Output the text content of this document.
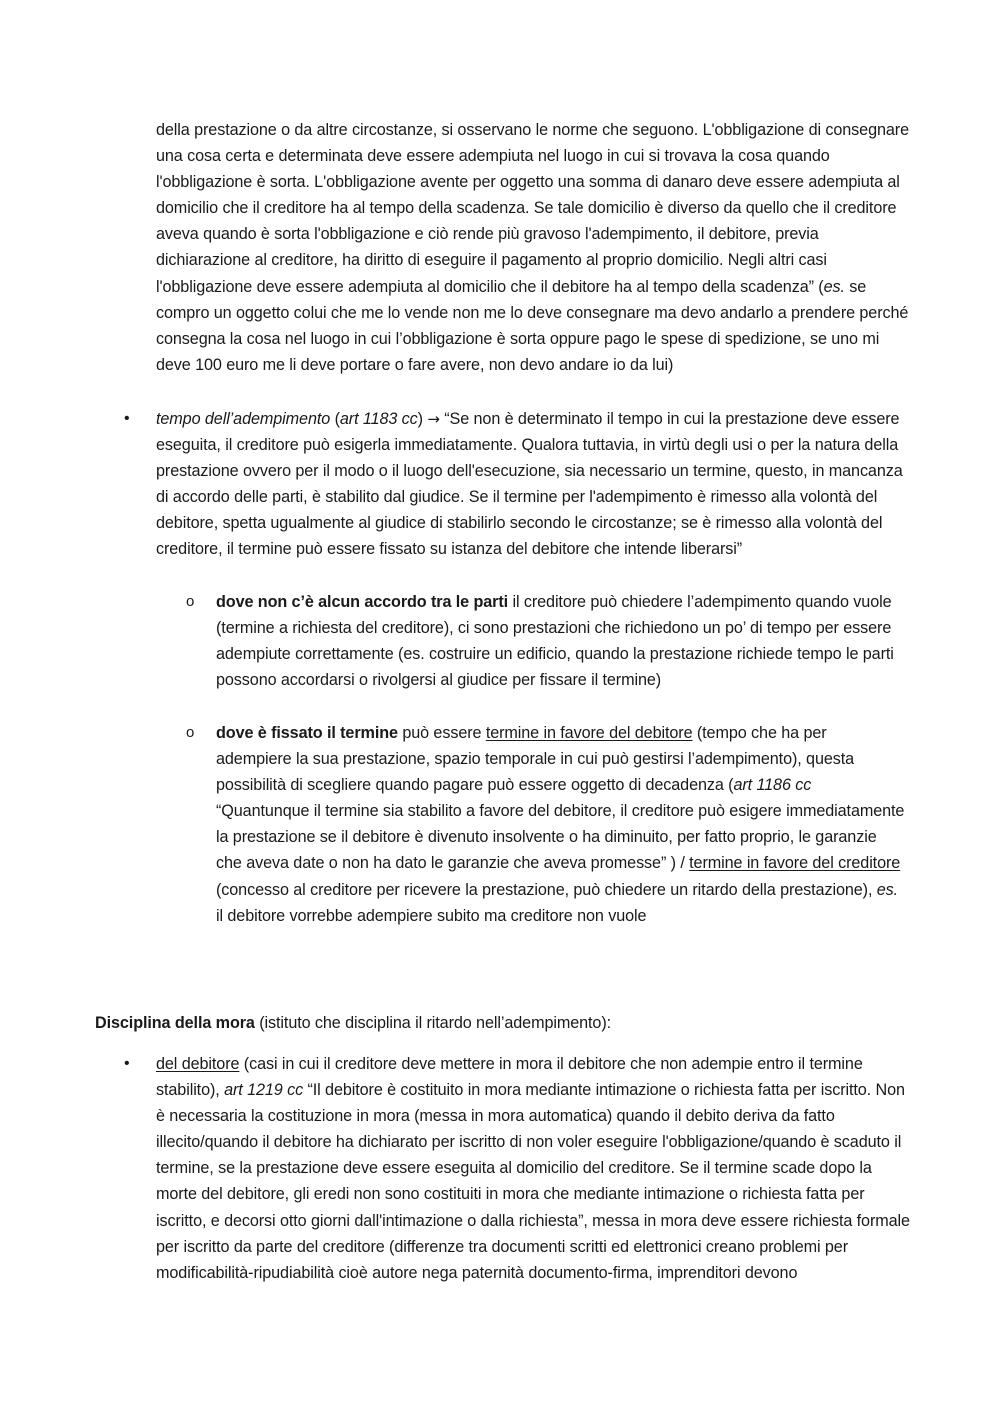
della prestazione o da altre circostanze, si osservano le norme che seguono. L'obbligazione di consegnare una cosa certa e determinata deve essere adempiuta nel luogo in cui si trovava la cosa quando l'obbligazione è sorta. L'obbligazione avente per oggetto una somma di danaro deve essere adempiuta al domicilio che il creditore ha al tempo della scadenza. Se tale domicilio è diverso da quello che il creditore aveva quando è sorta l'obbligazione e ciò rende più gravoso l'adempimento, il debitore, previa dichiarazione al creditore, ha diritto di eseguire il pagamento al proprio domicilio. Negli altri casi l'obbligazione deve essere adempiuta al domicilio che il debitore ha al tempo della scadenza” (es. se compro un oggetto colui che me lo vende non me lo deve consegnare ma devo andarlo a prendere perché consegna la cosa nel luogo in cui l’obbligazione è sorta oppure pago le spese di spedizione, se uno mi deve 100 euro me li deve portare o fare avere, non devo andare io da lui)
• tempo dell’adempimento (art 1183 cc) → “Se non è determinato il tempo in cui la prestazione deve essere eseguita, il creditore può esigerla immediatamente. Qualora tuttavia, in virtù degli usi o per la natura della prestazione ovvero per il modo o il luogo dell'esecuzione, sia necessario un termine, questo, in mancanza di accordo delle parti, è stabilito dal giudice. Se il termine per l'adempimento è rimesso alla volontà del debitore, spetta ugualmente al giudice di stabilirlo secondo le circostanze; se è rimesso alla volontà del creditore, il termine può essere fissato su istanza del debitore che intende liberarsi”
o dove non c’è alcun accordo tra le parti il creditore può chiedere l’adempimento quando vuole (termine a richiesta del creditore), ci sono prestazioni che richiedono un po’ di tempo per essere adempiute correttamente (es. costruire un edificio, quando la prestazione richiede tempo le parti possono accordarsi o rivolgersi al giudice per fissare il termine)
o dove è fissato il termine può essere termine in favore del debitore (tempo che ha per adempiere la sua prestazione, spazio temporale in cui può gestirsi l’adempimento), questa possibilità di scegliere quando pagare può essere oggetto di decadenza (art 1186 cc “Quantunque il termine sia stabilito a favore del debitore, il creditore può esigere immediatamente la prestazione se il debitore è divenuto insolvente o ha diminuito, per fatto proprio, le garanzie che aveva date o non ha dato le garanzie che aveva promesse” ) / termine in favore del creditore (concesso al creditore per ricevere la prestazione, può chiedere un ritardo della prestazione), es. il debitore vorrebbe adempiere subito ma creditore non vuole
Disciplina della mora (istituto che disciplina il ritardo nell’adempimento):
• del debitore (casi in cui il creditore deve mettere in mora il debitore che non adempie entro il termine stabilito), art 1219 cc “Il debitore è costituito in mora mediante intimazione o richiesta fatta per iscritto. Non è necessaria la costituzione in mora (messa in mora automatica) quando il debito deriva da fatto illecito/quando il debitore ha dichiarato per iscritto di non voler eseguire l'obbligazione/quando è scaduto il termine, se la prestazione deve essere eseguita al domicilio del creditore. Se il termine scade dopo la morte del debitore, gli eredi non sono costituiti in mora che mediante intimazione o richiesta fatta per iscritto, e decorsi otto giorni dall'intimazione o dalla richiesta”, messa in mora deve essere richiesta formale per iscritto da parte del creditore (differenze tra documenti scritti ed elettronici creano problemi per modificabilità-ripudiabilità cioè autore nega paternità documento-firma, imprenditori devono
